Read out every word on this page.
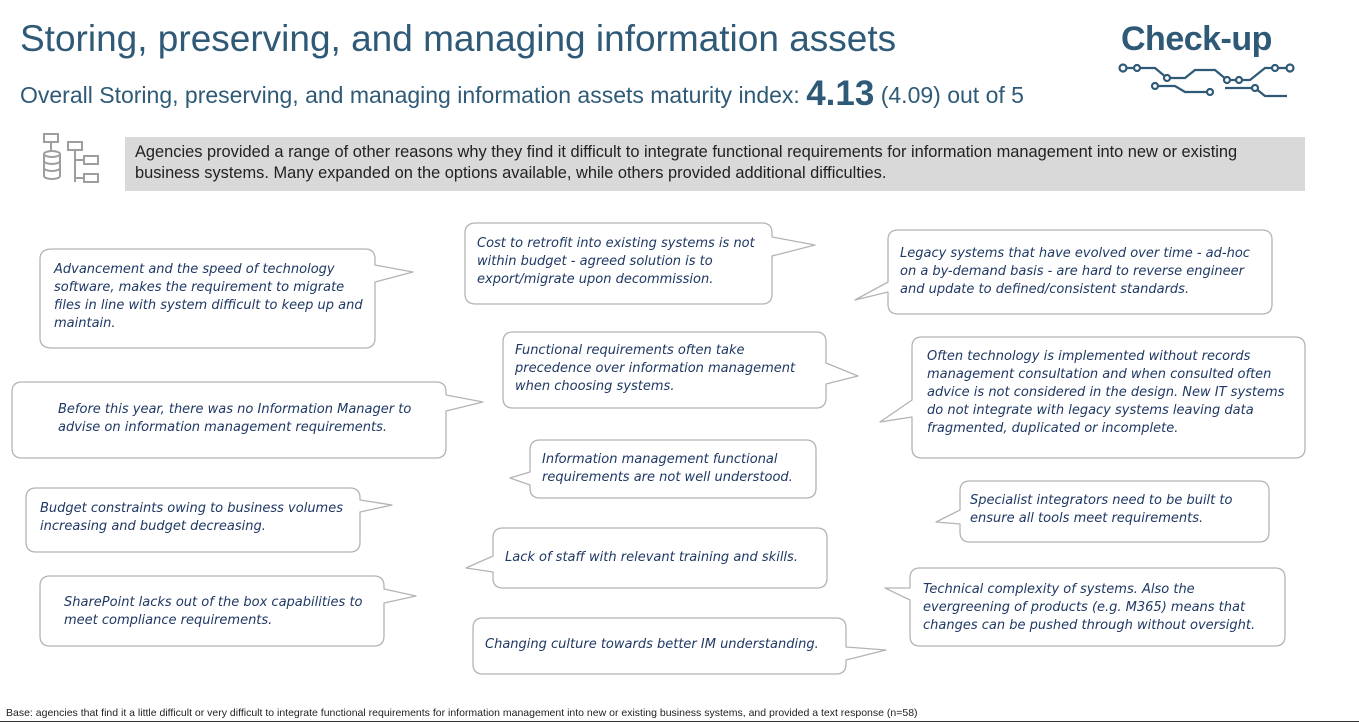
Storing, preserving, and managing information assets
Overall Storing, preserving, and managing information assets maturity index: 4.13 (4.09) out of 5
Check-up
Agencies provided a range of other reasons why they find it difficult to integrate functional requirements for information management into new or existing business systems. Many expanded on the options available, while others provided additional difficulties.
Advancement and the speed of technology software, makes the requirement to migrate files in line with system difficult to keep up and maintain.
Cost to retrofit into existing systems is not within budget - agreed solution is to export/migrate upon decommission.
Legacy systems that have evolved over time - ad-hoc on a by-demand basis - are hard to reverse engineer and update to defined/consistent standards.
Functional requirements often take precedence over information management when choosing systems.
Often technology is implemented without records management consultation and when consulted often advice is not considered in the design. New IT systems do not integrate with legacy systems leaving data fragmented, duplicated or incomplete.
Before this year, there was no Information Manager to advise on information management requirements.
Information management functional requirements are not well understood.
Budget constraints owing to business volumes increasing and budget decreasing.
Specialist integrators need to be built to ensure all tools meet requirements.
Lack of staff with relevant training and skills.
SharePoint lacks out of the box capabilities to meet compliance requirements.
Technical complexity of systems. Also the evergreening of products (e.g. M365) means that changes can be pushed through without oversight.
Changing culture towards better IM understanding.
Base: agencies that find it a little difficult or very difficult to integrate functional requirements for information management into new or existing business systems, and provided a text response (n=58)
